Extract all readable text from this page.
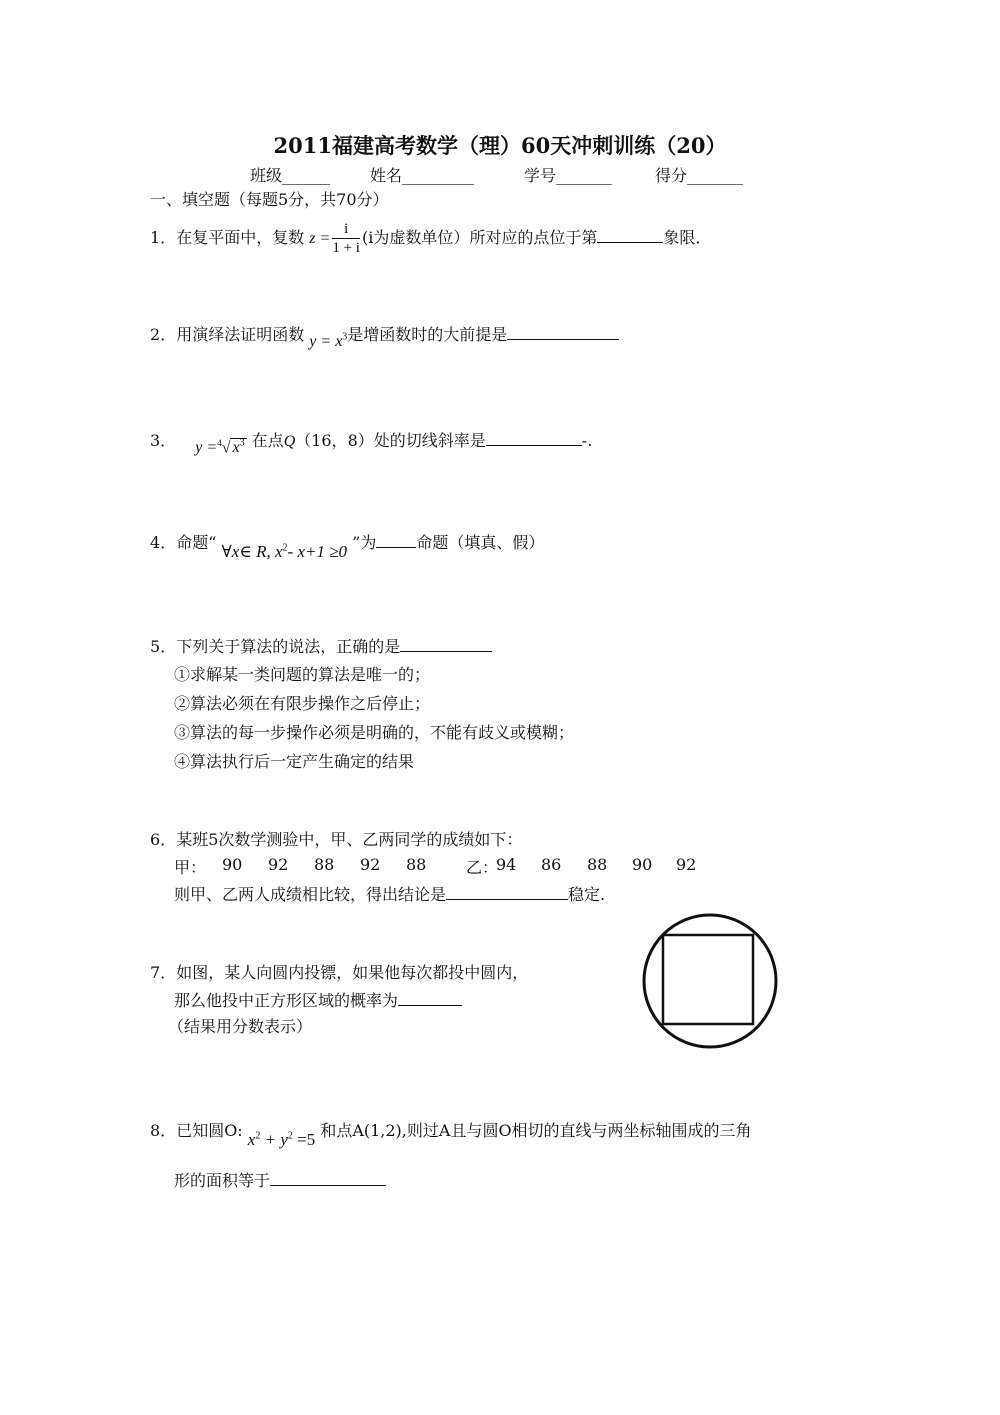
2011福建高考数学（理）60天冲刺训练（20）
班级______ 姓名_________	学号_______	得分_______
一、填空题（每题5分，共70分）
1．在复平面中，复数 $z = \frac{i}{1 + i} (i$为虚数单位）所对应的点位于第	象限．
2．用演绎法证明函数 $y = x^3$是增函数时的大前提是
3． y =$^4$√ $x^3$ 在点Q（16，8）处的切线斜率是	-.
4．命题“ ∀x∈ R, $x^2-$ x+1 ≥0 ”为	命题（填真、假）
5．下列关于算法的说法，正确的是
①求解某一类问题的算法是唯一的；
②算法必须在有限步操作之后停止；
③算法的每一步操作必须是明确的，不能有歧义或模糊；
④算法执行后一定产生确定的结果
6．某班5次数学测验中，甲、乙两同学的成绩如下：
甲： 90 92 88 92 88 乙：
94 86 88 90 92
则甲、乙两人成绩相比较，得出结论是	稳定.
7．如图，某人向圆内投镖，如果他每次都投中圆内，
那么他投中正方形区域的概率为
（结果用分数表示）
8．已知圆O: $x^2 + y^2 =5$ 和点A(1,2),则过A且与圆O相切的直线与两坐标轴围成的三角
形的面积等于
